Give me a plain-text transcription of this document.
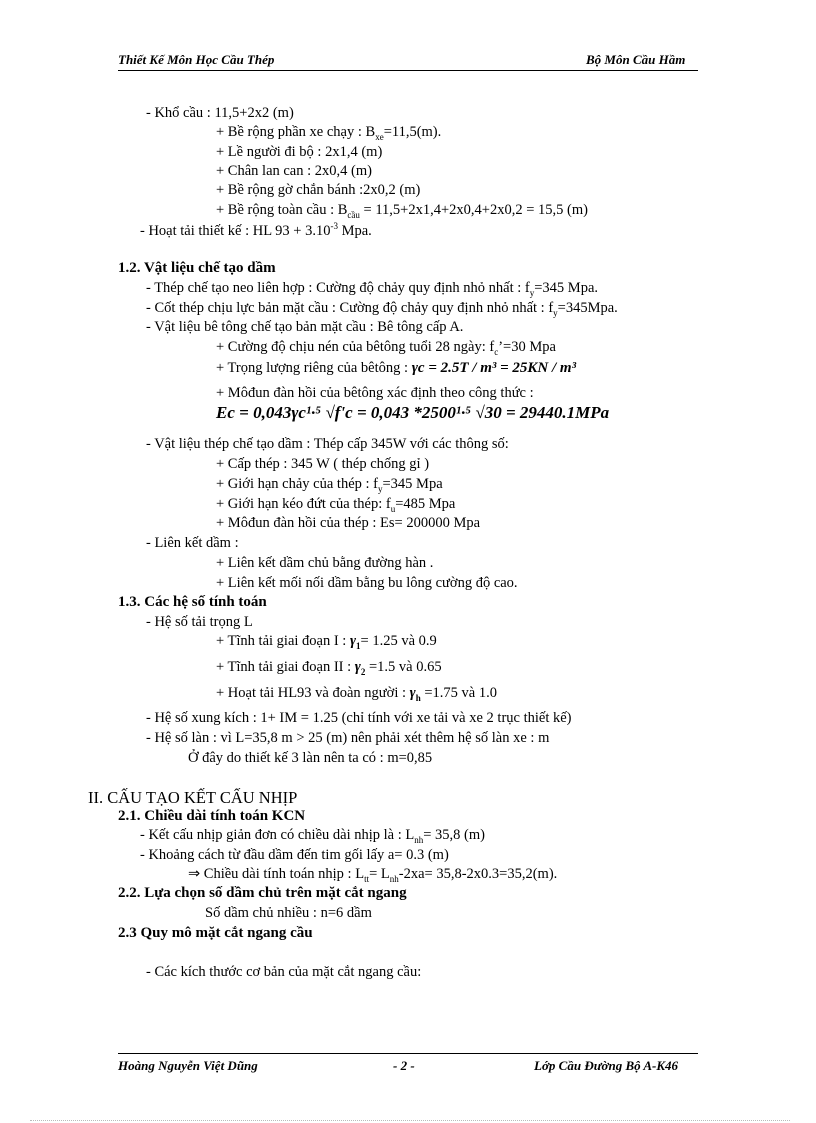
Thiết Kế Môn Học Cầu Thép	Bộ Môn Cầu Hầm
- Khổ cầu : 11,5+2x2 (m)
+ Bề rộng phần xe chạy : $B_{xe}=11,5(m)$.
+ Lề người đi bộ : 2x1,4 (m)
+ Chân lan can : 2x0,4 (m)
+ Bề rộng gờ chắn bánh :2x0,2 (m)
+ Bề rộng toàn cầu : $B_{cầu} = 11,5+2x1,4+2x0,4+2x0,2 = 15,5$ (m)
- Hoạt tải thiết kế : HL $93 + 3.10^{-3}$ Mpa.
1.2. Vật liệu chế tạo dầm
- Thép chế tạo neo liên hợp : Cường độ chảy quy định nhỏ nhất : $f_y=345$ Mpa.
- Cốt thép chịu lực bản mặt cầu : Cường độ chảy quy định nhỏ nhất : $f_y=345Mpa$.
- Vật liệu bê tông chế tạo bản mặt cầu : Bê tông cấp A.
+ Cường độ chịu nén của bêtông tuổi 28 ngày: $f_c’=30$ Mpa
+ Trọng lượng riêng của bêtông : γc = 2.5T / m³ = 25KN / m³
+ Môđun đàn hồi của bêtông xác định theo công thức :
Ec = 0,043γc¹·⁵ √f'c = 0,043 *2500¹·⁵ √30 = 29440.1MPa
- Vật liệu thép chế tạo dầm : Thép cấp 345W với các thông số:
+ Cấp thép : 345 W ( thép chống gỉ )
+ Giới hạn chảy của thép : $f_y=345$ Mpa
+ Giới hạn kéo đứt của thép: $f_u=485$ Mpa
+ Môđun đàn hồi của thép : Es= 200000 Mpa
- Liên kết dầm :
+ Liên kết dầm chủ bằng đường hàn .
+ Liên kết mối nối dầm bằng bu lông cường độ cao.
1.3. Các hệ số tính toán
- Hệ số tải trọng L
+ Tĩnh tải giai đoạn I : $\gamma_1= 1.25$ và 0.9
+ Tĩnh tải giai đoạn II : $\gamma_2 =1.5$ và 0.65
+ Hoạt tải HL93 và đoàn người : $\gamma_h =1.75$ và 1.0
- Hệ số xung kích : 1+ IM = 1.25 (chỉ tính với xe tải và xe 2 trục thiết kế)
- Hệ số làn : vì L=35,8 m > 25 (m) nên phải xét thêm hệ số làn xe : m
Ở đây do thiết kế 3 làn nên ta có : m=0,85
II. CẤU TẠO KẾT CẤU NHỊP
2.1. Chiều dài tính toán KCN
- Kết cấu nhịp giản đơn có chiều dài nhịp là : $L_{nh}= 35,8$ (m)
- Khoảng cách từ đầu dầm đến tim gối lấy a= 0.3 (m)
⇒ Chiều dài tính toán nhịp : $L_{tt}= L_{nh}-2xa= 35,8-2x0.3=35,2(m)$.
2.2. Lựa chọn số dầm chủ trên mặt cắt ngang
Số dầm chủ nhiều : n=6 dầm
2.3 Quy mô mặt cắt ngang cầu
- Các kích thước cơ bản của mặt cắt ngang cầu:
Hoàng Nguyễn Việt Dũng	- 2 -	Lớp Cầu Đường Bộ A-K46
